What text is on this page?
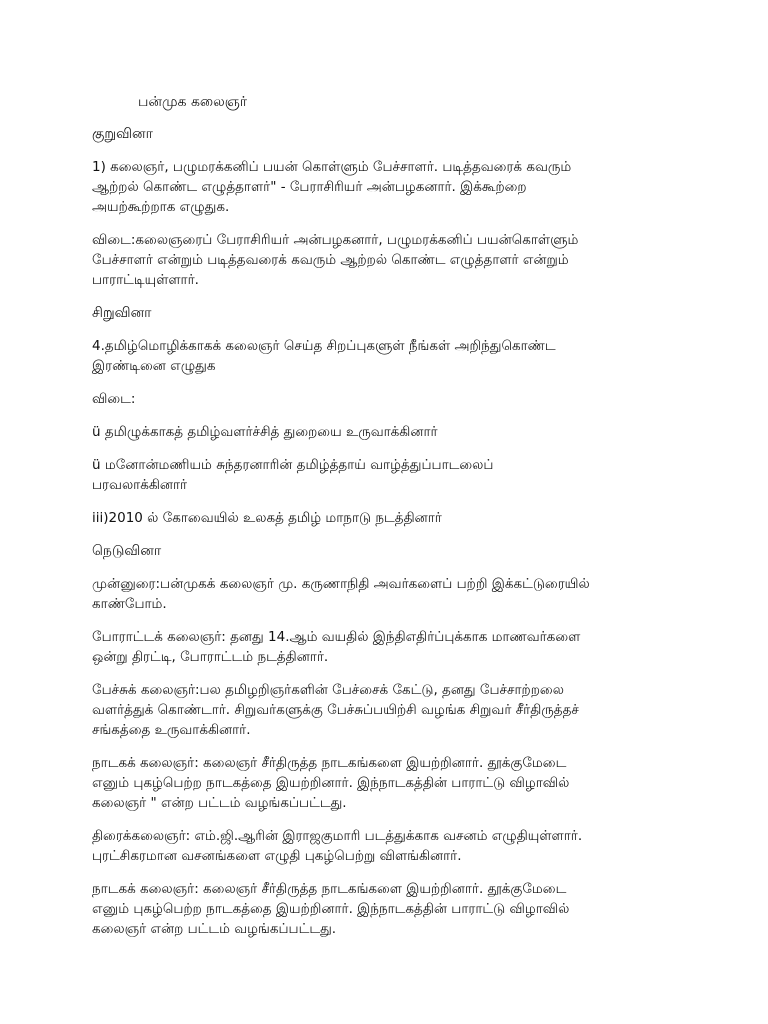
பன்முக கலைஞர்
குறுவினா
1) கலைஞர், பழுமரக்கனிப் பயன் கொள்ளும் பேச்சாளர். படித்தவரைக் கவரும்
ஆற்றல் கொண்ட எழுத்தாளர்" - பேராசிரியர் அன்பழகனார். இக்கூற்றை
அயற்கூற்றாக எழுதுக.
விடை:கலைஞரைப் பேராசிரியர் அன்பழகனார், பழுமரக்கனிப் பயன்கொள்ளும்
பேச்சாளர் என்றும் படித்தவரைக் கவரும் ஆற்றல் கொண்ட எழுத்தாளர் என்றும்
பாராட்டியுள்ளார்.
சிறுவினா
4.தமிழ்மொழிக்காகக் கலைஞர் செய்த சிறப்புகளுள் நீங்கள் அறிந்துகொண்ட
இரண்டினை எழுதுக
விடை:
ü தமிழுக்காகத் தமிழ்வளர்ச்சித் துறையை உருவாக்கினார்
ü மனோன்மணியம் சுந்தரனாரின் தமிழ்த்தாய் வாழ்த்துப்பாடலைப்
பரவலாக்கினார்
iii)2010 ல் கோவையில் உலகத் தமிழ் மாநாடு நடத்தினார்
நெடுவினா
முன்னுரை:பன்முகக் கலைஞர் மு. கருணாநிதி அவர்களைப் பற்றி இக்கட்டுரையில்
காண்போம்.
போராட்டக் கலைஞர்: தனது 14.ஆம் வயதில் இந்திஎதிர்ப்புக்காக மாணவர்களை
ஒன்று திரட்டி, போராட்டம் நடத்தினார்.
பேச்சுக் கலைஞர்:பல தமிழறிஞர்களின் பேச்சைக் கேட்டு, தனது பேச்சாற்றலை
வளர்த்துக் கொண்டார். சிறுவர்களுக்கு பேச்சுப்பயிற்சி வழங்க சிறுவர் சீர்திருத்தச்
சங்கத்தை உருவாக்கினார்.
நாடகக் கலைஞர்: கலைஞர் சீர்திருத்த நாடகங்களை இயற்றினார். தூக்குமேடை
எனும் புகழ்பெற்ற நாடகத்தை இயற்றினார். இந்நாடகத்தின் பாராட்டு விழாவில்
கலைஞர் " என்ற பட்டம் வழங்கப்பட்டது.
திரைக்கலைஞர்: எம்.ஜி.ஆரின் இராஜகுமாரி படத்துக்காக வசனம் எழுதியுள்ளார்.
புரட்சிகரமான வசனங்களை எழுதி புகழ்பெற்று விளங்கினார்.
நாடகக் கலைஞர்: கலைஞர் சீர்திருத்த நாடகங்களை இயற்றினார். தூக்குமேடை
எனும் புகழ்பெற்ற நாடகத்தை இயற்றினார். இந்நாடகத்தின் பாராட்டு விழாவில்
கலைஞர் என்ற பட்டம் வழங்கப்பட்டது.
